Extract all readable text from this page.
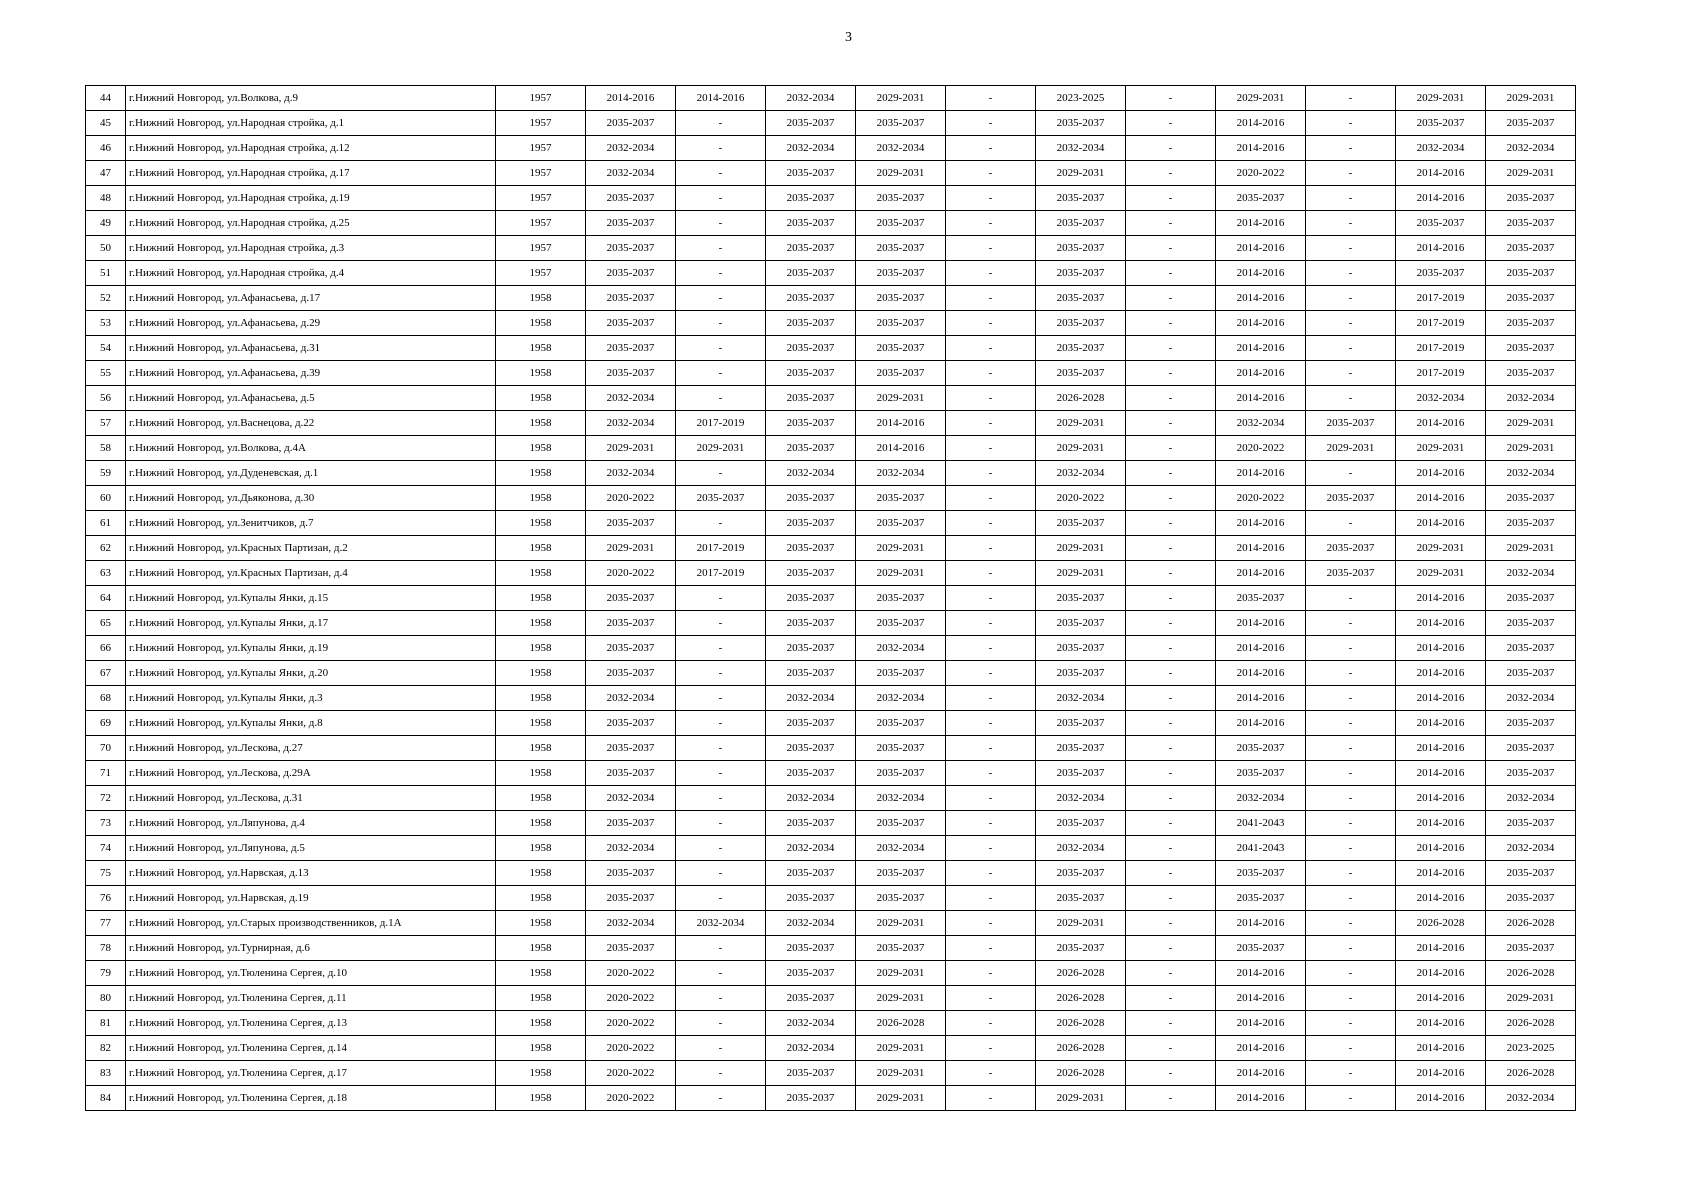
3
44	г.Нижний Новгород, ул.Волкова, д.9	1957	2014-2016	2014-2016	2032-2034	2029-2031	-	2023-2025	-	2029-2031	-	2029-2031	2029-2031
45	г.Нижний Новгород, ул.Народная стройка, д.1	1957	2035-2037	-	2035-2037	2035-2037	-	2035-2037	-	2014-2016	-	2035-2037	2035-2037
46	г.Нижний Новгород, ул.Народная стройка, д.12	1957	2032-2034	-	2032-2034	2032-2034	-	2032-2034	-	2014-2016	-	2032-2034	2032-2034
47	г.Нижний Новгород, ул.Народная стройка, д.17	1957	2032-2034	-	2035-2037	2029-2031	-	2029-2031	-	2020-2022	-	2014-2016	2029-2031
48	г.Нижний Новгород, ул.Народная стройка, д.19	1957	2035-2037	-	2035-2037	2035-2037	-	2035-2037	-	2035-2037	-	2014-2016	2035-2037
49	г.Нижний Новгород, ул.Народная стройка, д.25	1957	2035-2037	-	2035-2037	2035-2037	-	2035-2037	-	2014-2016	-	2035-2037	2035-2037
50	г.Нижний Новгород, ул.Народная стройка, д.3	1957	2035-2037	-	2035-2037	2035-2037	-	2035-2037	-	2014-2016	-	2014-2016	2035-2037
51	г.Нижний Новгород, ул.Народная стройка, д.4	1957	2035-2037	-	2035-2037	2035-2037	-	2035-2037	-	2014-2016	-	2035-2037	2035-2037
52	г.Нижний Новгород, ул.Афанасьева, д.17	1958	2035-2037	-	2035-2037	2035-2037	-	2035-2037	-	2014-2016	-	2017-2019	2035-2037
53	г.Нижний Новгород, ул.Афанасьева, д.29	1958	2035-2037	-	2035-2037	2035-2037	-	2035-2037	-	2014-2016	-	2017-2019	2035-2037
54	г.Нижний Новгород, ул.Афанасьева, д.31	1958	2035-2037	-	2035-2037	2035-2037	-	2035-2037	-	2014-2016	-	2017-2019	2035-2037
55	г.Нижний Новгород, ул.Афанасьева, д.39	1958	2035-2037	-	2035-2037	2035-2037	-	2035-2037	-	2014-2016	-	2017-2019	2035-2037
56	г.Нижний Новгород, ул.Афанасьева, д.5	1958	2032-2034	-	2035-2037	2029-2031	-	2026-2028	-	2014-2016	-	2032-2034	2032-2034
57	г.Нижний Новгород, ул.Васнецова, д.22	1958	2032-2034	2017-2019	2035-2037	2014-2016	-	2029-2031	-	2032-2034	2035-2037	2014-2016	2029-2031
58	г.Нижний Новгород, ул.Волкова, д.4А	1958	2029-2031	2029-2031	2035-2037	2014-2016	-	2029-2031	-	2020-2022	2029-2031	2029-2031	2029-2031
59	г.Нижний Новгород, ул.Дуденевская, д.1	1958	2032-2034	-	2032-2034	2032-2034	-	2032-2034	-	2014-2016	-	2014-2016	2032-2034
60	г.Нижний Новгород, ул.Дьяконова, д.30	1958	2020-2022	2035-2037	2035-2037	2035-2037	-	2020-2022	-	2020-2022	2035-2037	2014-2016	2035-2037
61	г.Нижний Новгород, ул.Зенитчиков, д.7	1958	2035-2037	-	2035-2037	2035-2037	-	2035-2037	-	2014-2016	-	2014-2016	2035-2037
62	г.Нижний Новгород, ул.Красных Партизан, д.2	1958	2029-2031	2017-2019	2035-2037	2029-2031	-	2029-2031	-	2014-2016	2035-2037	2029-2031	2029-2031
63	г.Нижний Новгород, ул.Красных Партизан, д.4	1958	2020-2022	2017-2019	2035-2037	2029-2031	-	2029-2031	-	2014-2016	2035-2037	2029-2031	2032-2034
64	г.Нижний Новгород, ул.Купалы Янки, д.15	1958	2035-2037	-	2035-2037	2035-2037	-	2035-2037	-	2035-2037	-	2014-2016	2035-2037
65	г.Нижний Новгород, ул.Купалы Янки, д.17	1958	2035-2037	-	2035-2037	2035-2037	-	2035-2037	-	2014-2016	-	2014-2016	2035-2037
66	г.Нижний Новгород, ул.Купалы Янки, д.19	1958	2035-2037	-	2035-2037	2032-2034	-	2035-2037	-	2014-2016	-	2014-2016	2035-2037
67	г.Нижний Новгород, ул.Купалы Янки, д.20	1958	2035-2037	-	2035-2037	2035-2037	-	2035-2037	-	2014-2016	-	2014-2016	2035-2037
68	г.Нижний Новгород, ул.Купалы Янки, д.3	1958	2032-2034	-	2032-2034	2032-2034	-	2032-2034	-	2014-2016	-	2014-2016	2032-2034
69	г.Нижний Новгород, ул.Купалы Янки, д.8	1958	2035-2037	-	2035-2037	2035-2037	-	2035-2037	-	2014-2016	-	2014-2016	2035-2037
70	г.Нижний Новгород, ул.Лескова, д.27	1958	2035-2037	-	2035-2037	2035-2037	-	2035-2037	-	2035-2037	-	2014-2016	2035-2037
71	г.Нижний Новгород, ул.Лескова, д.29А	1958	2035-2037	-	2035-2037	2035-2037	-	2035-2037	-	2035-2037	-	2014-2016	2035-2037
72	г.Нижний Новгород, ул.Лескова, д.31	1958	2032-2034	-	2032-2034	2032-2034	-	2032-2034	-	2032-2034	-	2014-2016	2032-2034
73	г.Нижний Новгород, ул.Ляпунова, д.4	1958	2035-2037	-	2035-2037	2035-2037	-	2035-2037	-	2041-2043	-	2014-2016	2035-2037
74	г.Нижний Новгород, ул.Ляпунова, д.5	1958	2032-2034	-	2032-2034	2032-2034	-	2032-2034	-	2041-2043	-	2014-2016	2032-2034
75	г.Нижний Новгород, ул.Нарвская, д.13	1958	2035-2037	-	2035-2037	2035-2037	-	2035-2037	-	2035-2037	-	2014-2016	2035-2037
76	г.Нижний Новгород, ул.Нарвская, д.19	1958	2035-2037	-	2035-2037	2035-2037	-	2035-2037	-	2035-2037	-	2014-2016	2035-2037
77	г.Нижний Новгород, ул.Старых производственников, д.1А	1958	2032-2034	2032-2034	2032-2034	2029-2031	-	2029-2031	-	2014-2016	-	2026-2028	2026-2028
78	г.Нижний Новгород, ул.Турнирная, д.6	1958	2035-2037	-	2035-2037	2035-2037	-	2035-2037	-	2035-2037	-	2014-2016	2035-2037
79	г.Нижний Новгород, ул.Тюленина Сергея, д.10	1958	2020-2022	-	2035-2037	2029-2031	-	2026-2028	-	2014-2016	-	2014-2016	2026-2028
80	г.Нижний Новгород, ул.Тюленина Сергея, д.11	1958	2020-2022	-	2035-2037	2029-2031	-	2026-2028	-	2014-2016	-	2014-2016	2029-2031
81	г.Нижний Новгород, ул.Тюленина Сергея, д.13	1958	2020-2022	-	2032-2034	2026-2028	-	2026-2028	-	2014-2016	-	2014-2016	2026-2028
82	г.Нижний Новгород, ул.Тюленина Сергея, д.14	1958	2020-2022	-	2032-2034	2029-2031	-	2026-2028	-	2014-2016	-	2014-2016	2023-2025
83	г.Нижний Новгород, ул.Тюленина Сергея, д.17	1958	2020-2022	-	2035-2037	2029-2031	-	2026-2028	-	2014-2016	-	2014-2016	2026-2028
84	г.Нижний Новгород, ул.Тюленина Сергея, д.18	1958	2020-2022	-	2035-2037	2029-2031	-	2029-2031	-	2014-2016	-	2014-2016	2032-2034
